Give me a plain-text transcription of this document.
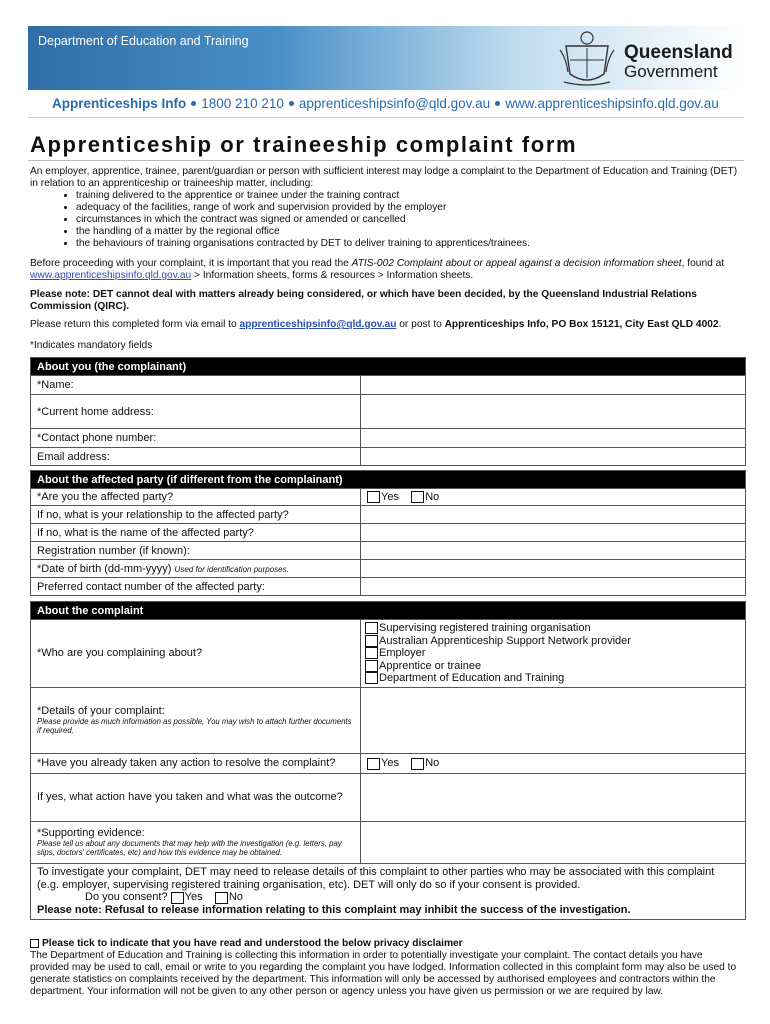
Department of Education and Training
Queensland
Government
Apprenticeships Info 1800 210 210 apprenticeshipsinfo@qld.gov.au www.apprenticeshipsinfo.qld.gov.au
Apprenticeship or traineeship complaint form

An employer, apprentice, trainee, parent/guardian or person with sufficient interest may lodge a complaint to the Department of Education and Training (DET) in relation to an apprenticeship or traineeship matter, including:

• training delivered to the apprentice or trainee under the training contract
• adequacy of the facilities, range of work and supervision provided by the employer
• circumstances in which the contract was signed or amended or cancelled
• the handling of a matter by the regional office
• the behaviours of training organisations contracted by DET to deliver training to apprentices/trainees.
Before proceeding with your complaint, it is important that you read the ATIS-002 Complaint about or appeal against a decision information sheet, found at
www.apprenticeshipsinfo.qld.gov.au > Information sheets, forms & resources > Information sheets.
Please note: DET cannot deal with matters already being considered, or which have been decided, by the Queensland Industrial Relations Commission (QIRC).
Please return this completed form via email to apprenticeshipsinfo@qld.gov.au or post to Apprenticeships Info, PO Box 15121, City East QLD 4002.
*Indicates mandatory fields
About you (the complainant)	
*Name:	
*Current home address:	
*Contact phone number:	
Email address:	
About the affected party (if different from the complainant)	
*Are you the affected party?	Yes No
If no, what is your relationship to the affected party?	
If no, what is the name of the affected party?	
Registration number (if known):	
*Date of birth (dd-mm-yyyy) Used for identification purposes.	
Preferred contact number of the affected party:	
About the complaint	
*Who are you complaining about?	Supervising registered training organisation
Australian Apprenticeship Support Network provider
Employer
Apprentice or trainee
Department of Education and Training

*Details of your complaint:
Please provide as much information as possible, You may wish to attach further documents if required.	

*Have you already taken any action to resolve the complaint?	Yes No
If yes, what action have you taken and what was the outcome?	
*Supporting evidence:
Please tell us about any documents that may help with the investigation (e.g. letters, pay slips, doctors' certificates, etc) and how this evidence may be obtained.	

To investigate your complaint, DET may need to release details of this complaint to other parties who may be associated with this complaint (e.g. employer, supervising registered training organisation, etc). DET will only do so if your consent is provided.
Do you consent? Yes No
Please note: Refusal to release information relating to this complaint may inhibit the success of the investigation.	
Please tick to indicate that you have read and understood the below privacy disclaimer
The Department of Education and Training is collecting this information in order to potentially investigate your complaint. The contact details you have provided may be used to call, email or write to you regarding the complaint you have lodged. Information collected in this complaint form may also be used to generate statistics on complaints received by the department. This information will only be accessed by authorised employees and contractors within the department. Your information will not be given to any other person or agency unless you have given us permission or we are required by law.
